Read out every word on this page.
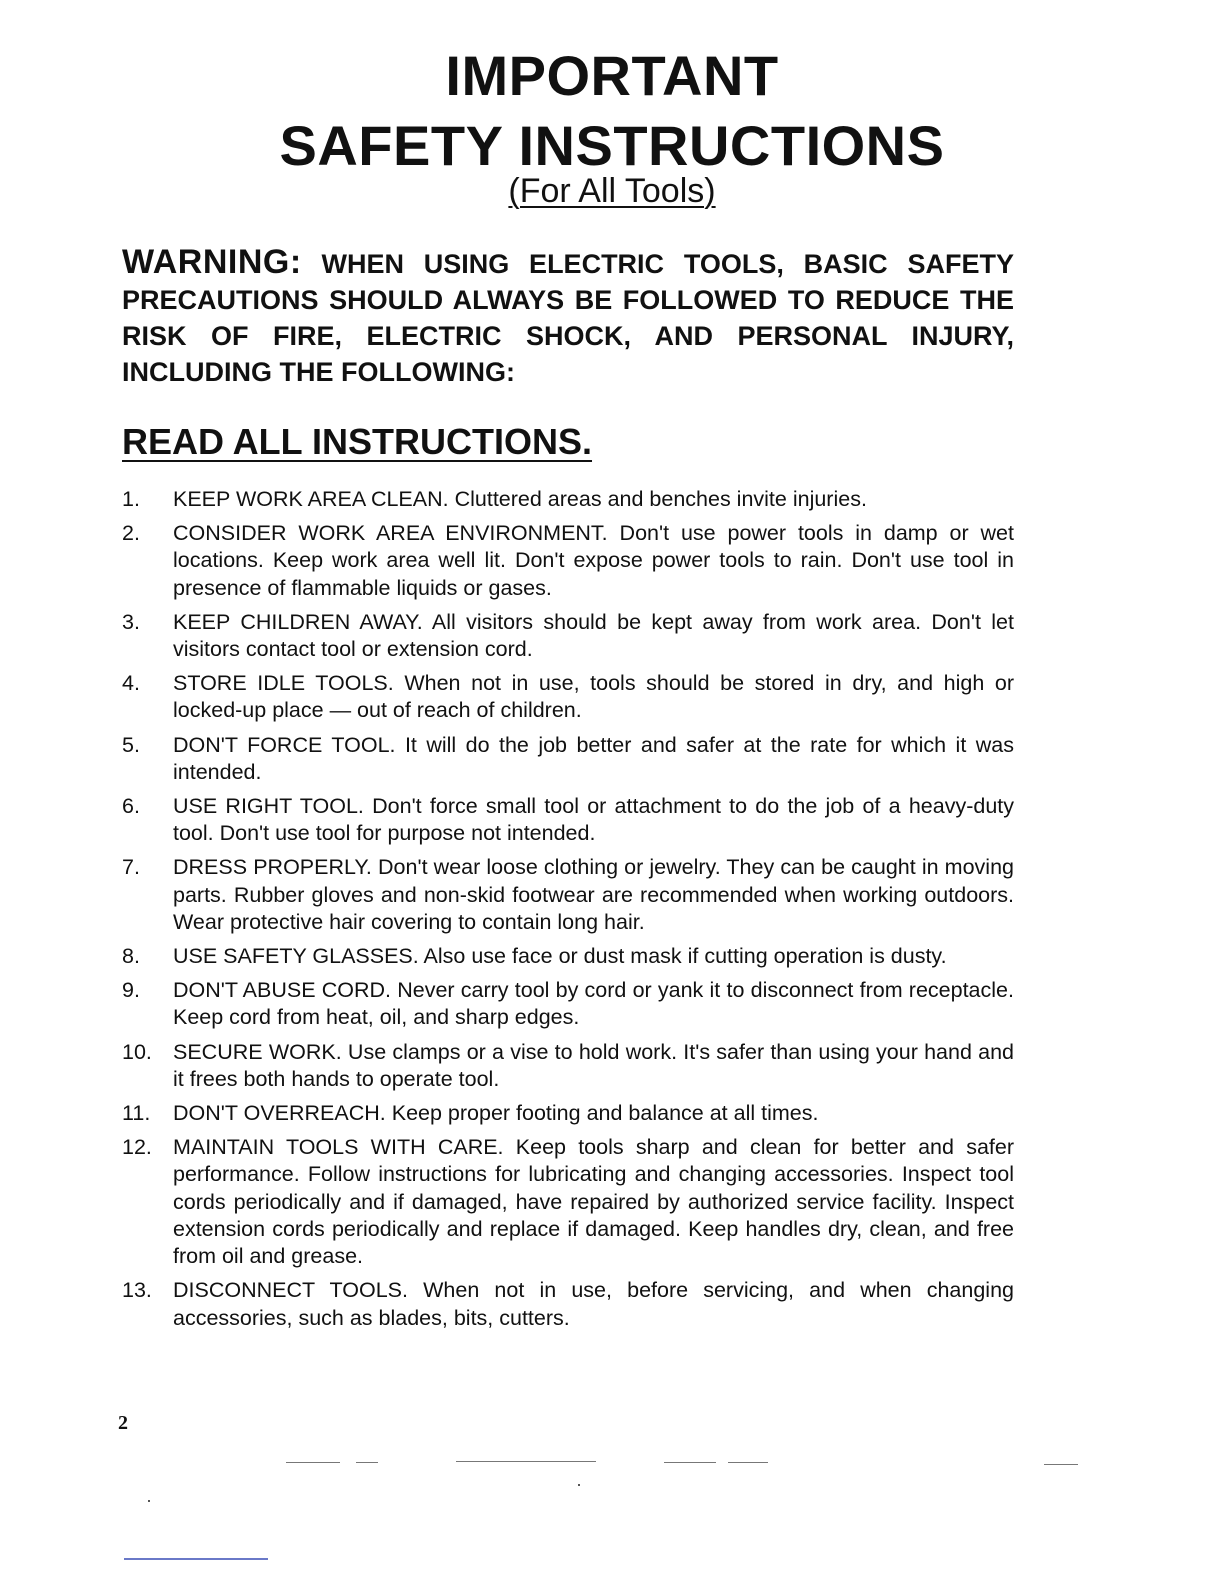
IMPORTANT
SAFETY INSTRUCTIONS
(For All Tools)
WARNING: WHEN USING ELECTRIC TOOLS, BASIC SAFETY PRECAUTIONS SHOULD ALWAYS BE FOLLOWED TO REDUCE THE RISK OF FIRE, ELECTRIC SHOCK, AND PERSONAL INJURY, INCLUDING THE FOLLOWING:
READ ALL INSTRUCTIONS.
1.	KEEP WORK AREA CLEAN. Cluttered areas and benches invite injuries.
2.	CONSIDER WORK AREA ENVIRONMENT. Don't use power tools in damp or wet locations. Keep work area well lit. Don't expose power tools to rain. Don't use tool in presence of flammable liquids or gases.
3.	KEEP CHILDREN AWAY. All visitors should be kept away from work area. Don't let visitors contact tool or extension cord.
4.	STORE IDLE TOOLS. When not in use, tools should be stored in dry, and high or locked-up place — out of reach of children.
5.	DON'T FORCE TOOL. It will do the job better and safer at the rate for which it was intended.
6.	USE RIGHT TOOL. Don't force small tool or attachment to do the job of a heavy-duty tool. Don't use tool for purpose not intended.
7.	DRESS PROPERLY. Don't wear loose clothing or jewelry. They can be caught in moving parts. Rubber gloves and non-skid footwear are recommended when working outdoors. Wear protective hair covering to contain long hair.
8.	USE SAFETY GLASSES. Also use face or dust mask if cutting operation is dusty.
9.	DON'T ABUSE CORD. Never carry tool by cord or yank it to disconnect from receptacle. Keep cord from heat, oil, and sharp edges.
10. SECURE WORK. Use clamps or a vise to hold work. It's safer than using your hand and it frees both hands to operate tool.
11.	DON'T OVERREACH. Keep proper footing and balance at all times.
12. MAINTAIN TOOLS WITH CARE. Keep tools sharp and clean for better and safer performance. Follow instructions for lubricating and changing accessories. Inspect tool cords periodically and if damaged, have repaired by authorized service facility. Inspect extension cords periodically and replace if damaged. Keep handles dry, clean, and free from oil and grease.
13. DISCONNECT TOOLS. When not in use, before servicing, and when changing accessories, such as blades, bits, cutters.
2
